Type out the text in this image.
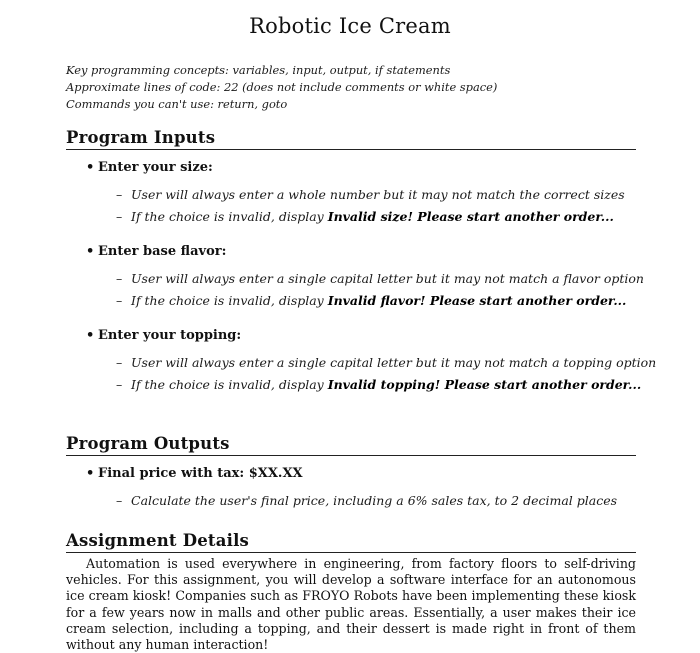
Robotic Ice Cream
Key programming concepts: variables, input, output, if statements
Approximate lines of code: 22 (does not include comments or white space)
Commands you can't use: return, goto
Program Inputs
• Enter your size:
– User will always enter a whole number but it may not match the correct sizes
– If the choice is invalid, display Invalid size! Please start another order...
• Enter base flavor:
– User will always enter a single capital letter but it may not match a flavor option
– If the choice is invalid, display Invalid flavor! Please start another order...
• Enter your topping:
– User will always enter a single capital letter but it may not match a topping option
– If the choice is invalid, display Invalid topping! Please start another order...
Program Outputs
• Final price with tax: $XX.XX
– Calculate the user's final price, including a 6% sales tax, to 2 decimal places
Assignment Details
Automation is used everywhere in engineering, from factory floors to self-driving vehicles. For this assignment, you will develop a software interface for an autonomous ice cream kiosk! Companies such as FROYO Robots have been implementing these kiosk for a few years now in malls and other public areas. Essentially, a user makes their ice cream selection, including a topping, and their dessert is made right in front of them without any human interaction!
